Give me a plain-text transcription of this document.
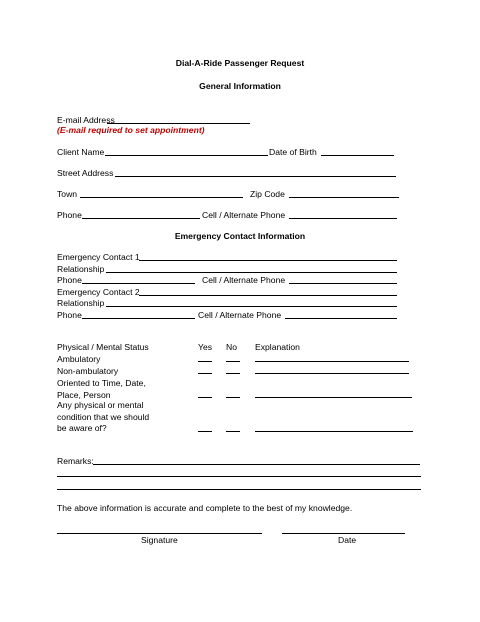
Dial-A-Ride Passenger Request
General Information
E-mail Address
(E-mail required to set appointment)
Client Name	Date of Birth
Street Address
Town	Zip Code
Phone	Cell / Alternate Phone
Emergency Contact Information
Emergency Contact 1
Relationship
Phone	Cell / Alternate Phone
Emergency Contact 2
Relationship
Phone	Cell / Alternate Phone
Physical / Mental Status	Yes No Explanation
Ambulatory
Non-ambulatory
Oriented to Time, Date,
Place, Person
Any physical or mental
condition that we should
be aware of?
Remarks:
The above information is accurate and complete to the best of my knowledge.
Signature	Date
